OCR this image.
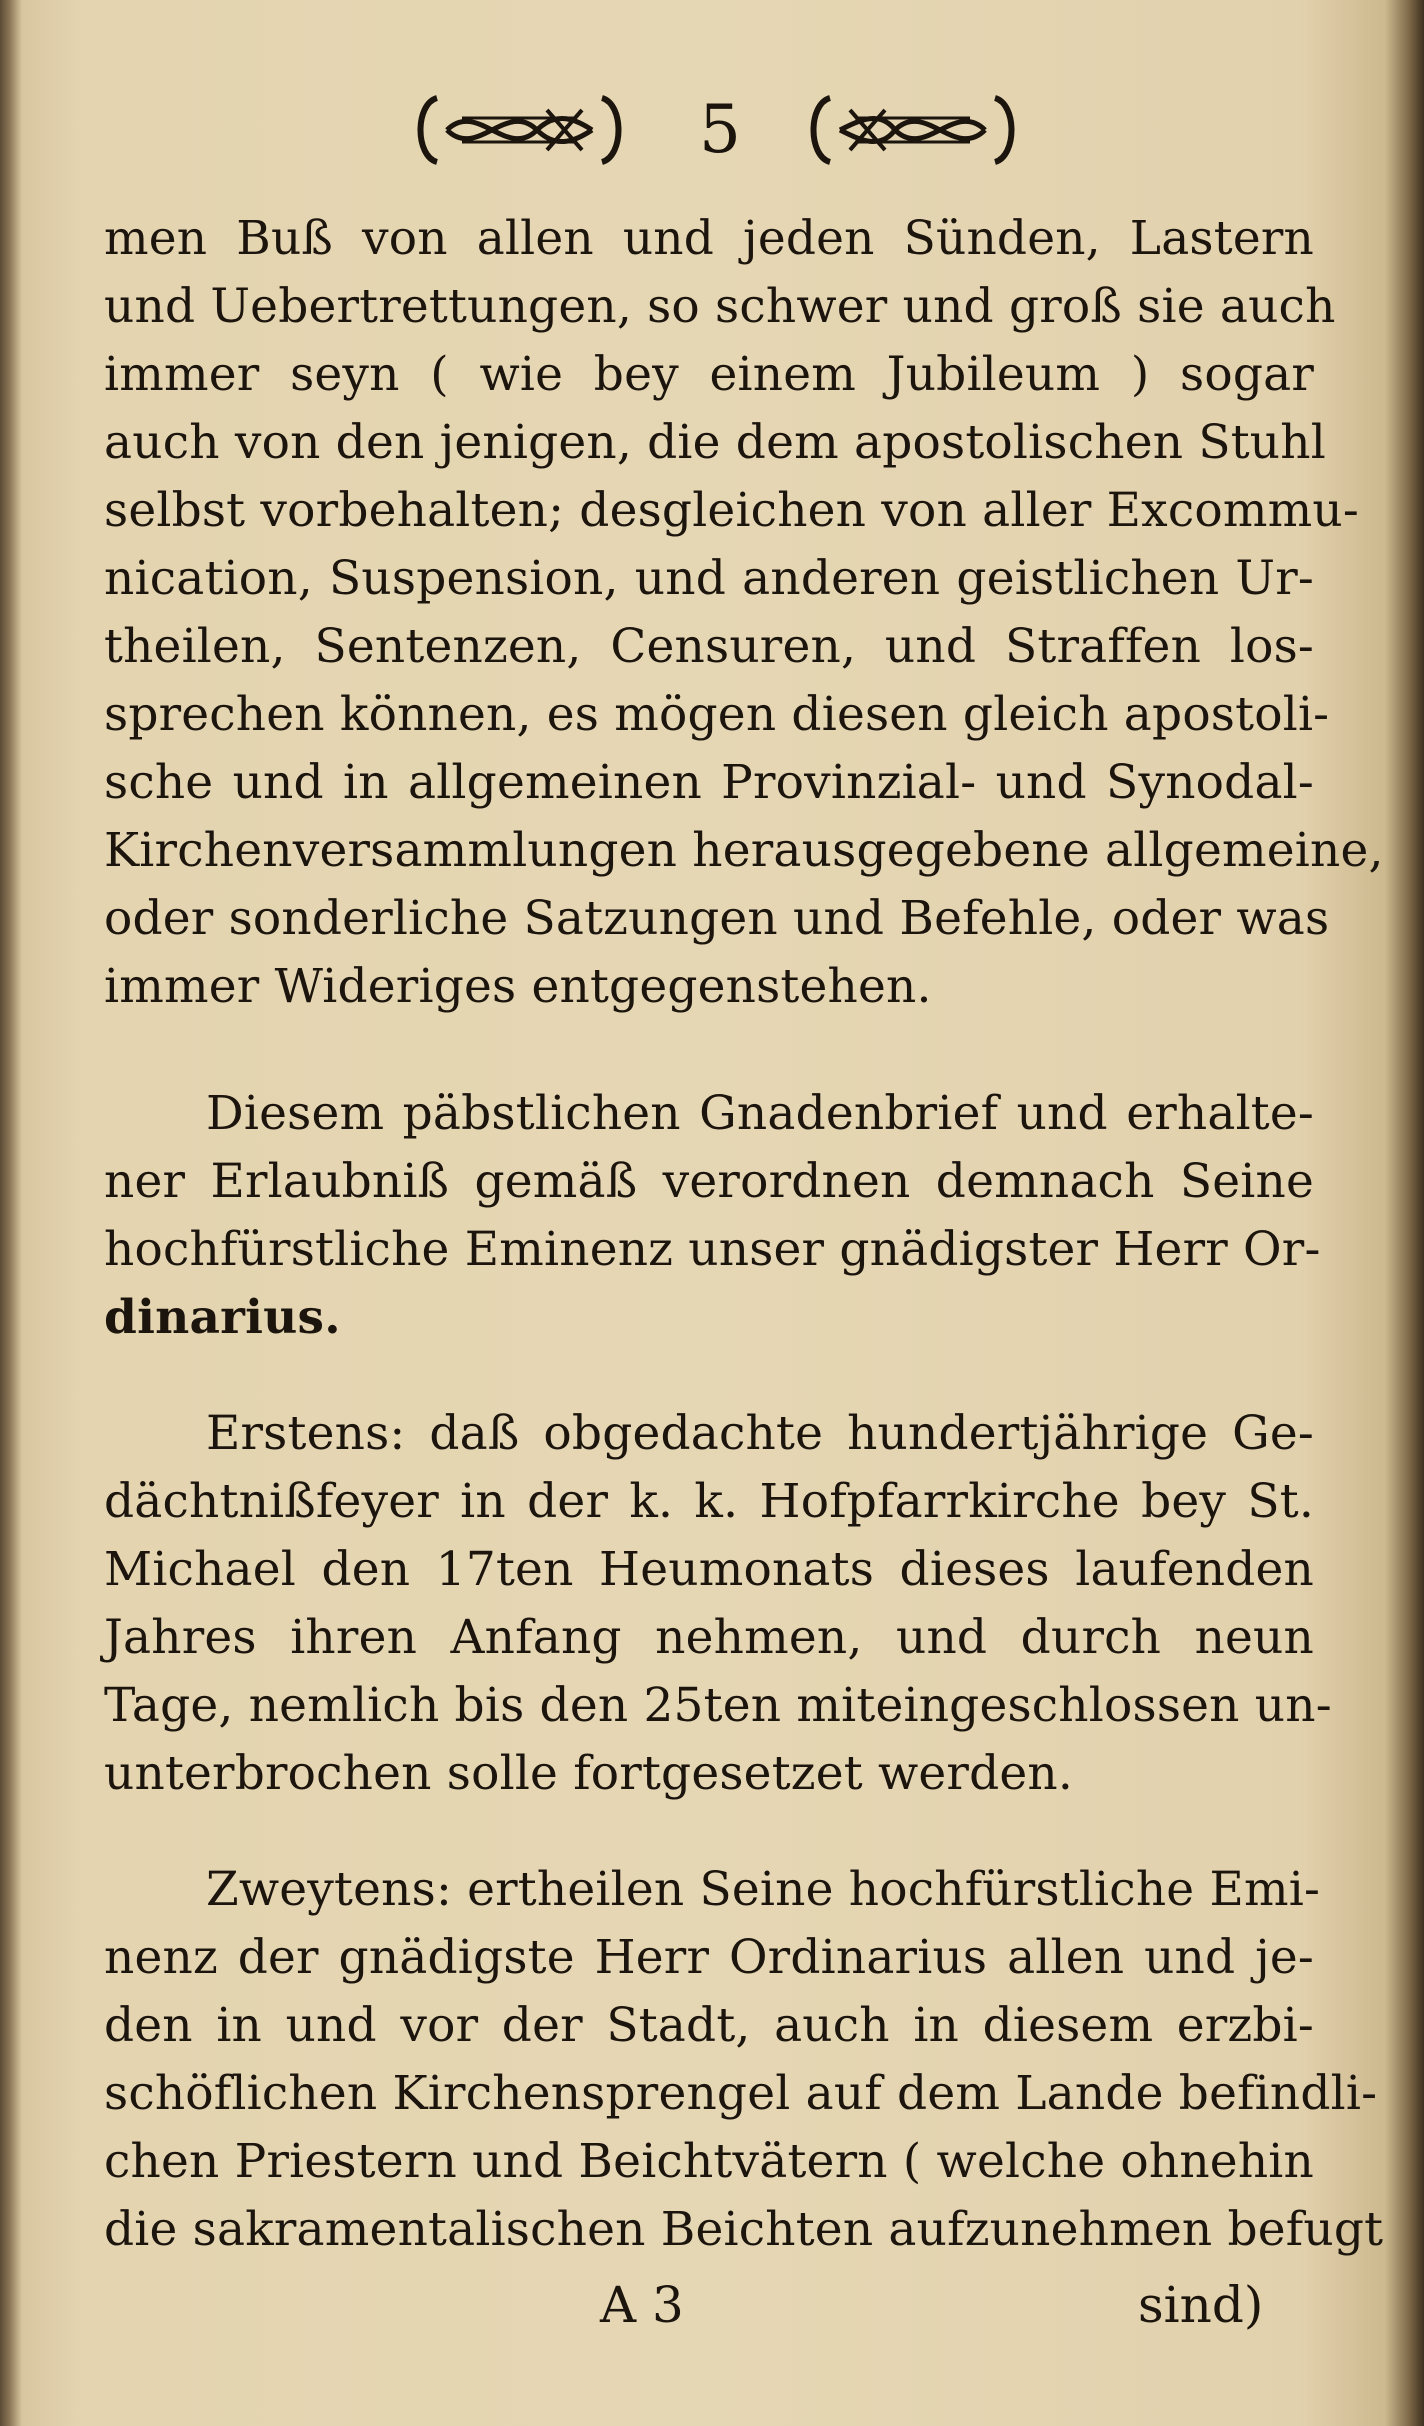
5
men Buß von allen und jeden Sünden, Lastern
und Uebertrettungen, so schwer und groß sie auch
immer seyn ( wie bey einem Jubileum ) sogar
auch von den jenigen, die dem apostolischen Stuhl
selbst vorbehalten; desgleichen von aller Excommu-
nication, Suspension, und anderen geistlichen Ur-
theilen, Sentenzen, Censuren, und Straffen los-
sprechen können, es mögen diesen gleich apostoli-
sche und in allgemeinen Provinzial- und Synodal-
Kirchenversammlungen herausgegebene allgemeine,
oder sonderliche Satzungen und Befehle, oder was
immer Wideriges entgegenstehen.
Diesem päbstlichen Gnadenbrief und erhalte-
ner Erlaubniß gemäß verordnen demnach Seine
hochfürstliche Eminenz unser gnädigster Herr Or-
dinarius.
Erstens: daß obgedachte hundertjährige Ge-
dächtnißfeyer in der k. k. Hofpfarrkirche bey St.
Michael den 17ten Heumonats dieses laufenden
Jahres ihren Anfang nehmen, und durch neun
Tage, nemlich bis den 25ten miteingeschlossen un-
unterbrochen solle fortgesetzet werden.
Zweytens: ertheilen Seine hochfürstliche Emi-
nenz der gnädigste Herr Ordinarius allen und je-
den in und vor der Stadt, auch in diesem erzbi-
schöflichen Kirchensprengel auf dem Lande befindli-
chen Priestern und Beichtvätern ( welche ohnehin
die sakramentalischen Beichten aufzunehmen befugt
A 3	sind)
